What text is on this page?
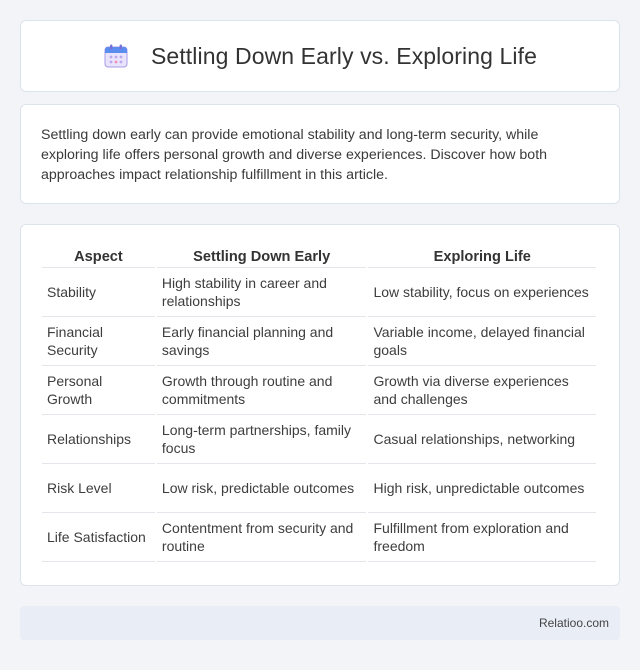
Settling Down Early vs. Exploring Life

Settling down early can provide emotional stability and long-term security, while exploring life offers personal growth and diverse experiences. Discover how both approaches impact relationship fulfillment in this article.

Aspect	Settling Down Early	Exploring Life
Stability	High stability in career and relationships	Low stability, focus on experiences
Financial Security	Early financial planning and savings	Variable income, delayed financial goals
Personal Growth	Growth through routine and commitments	Growth via diverse experiences and challenges
Relationships	Long-term partnerships, family focus	Casual relationships, networking
Risk Level	Low risk, predictable outcomes	High risk, unpredictable outcomes
Life Satisfaction	Contentment from security and routine	Fulfillment from exploration and freedom
Relatioo.com
